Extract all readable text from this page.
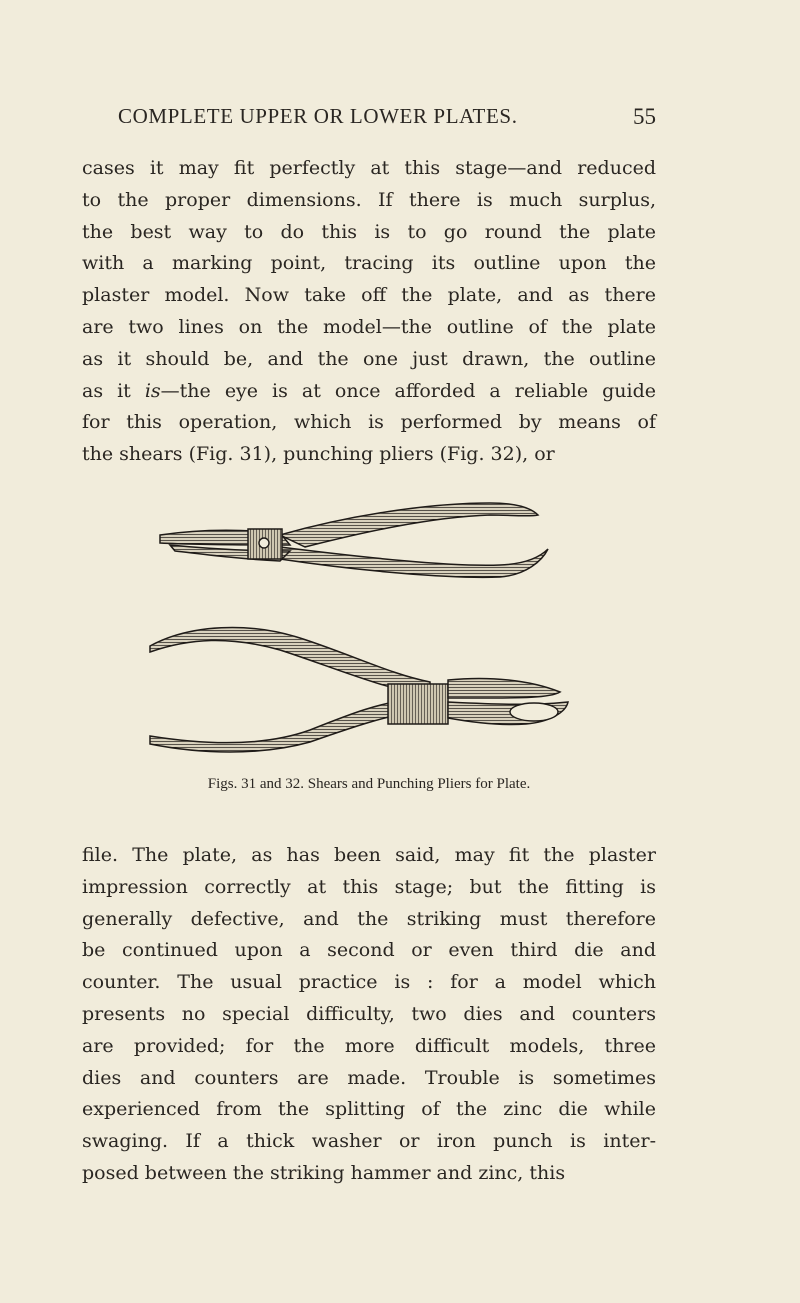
COMPLETE UPPER OR LOWER PLATES.	55

cases it may fit perfectly at this stage—and reduced
to the proper dimensions. If there is much surplus,
the best way to do this is to go round the plate
with a marking point, tracing its outline upon the
plaster model. Now take off the plate, and as there
are two lines on the model—the outline of the plate
as it should be, and the one just drawn, the outline
as it is—the eye is at once afforded a reliable guide
for this operation, which is performed by means of
the shears (Fig. 31), punching pliers (Fig. 32), or

Figs. 31 and 32. Shears and Punching Pliers for Plate.

file. The plate, as has been said, may fit the plaster
impression correctly at this stage; but the fitting is
generally defective, and the striking must therefore
be continued upon a second or even third die and
counter. The usual practice is : for a model which
presents no special difficulty, two dies and counters
are provided; for the more difficult models, three
dies and counters are made. Trouble is sometimes
experienced from the splitting of the zinc die while
swaging. If a thick washer or iron punch is inter-
posed between the striking hammer and zinc, this
